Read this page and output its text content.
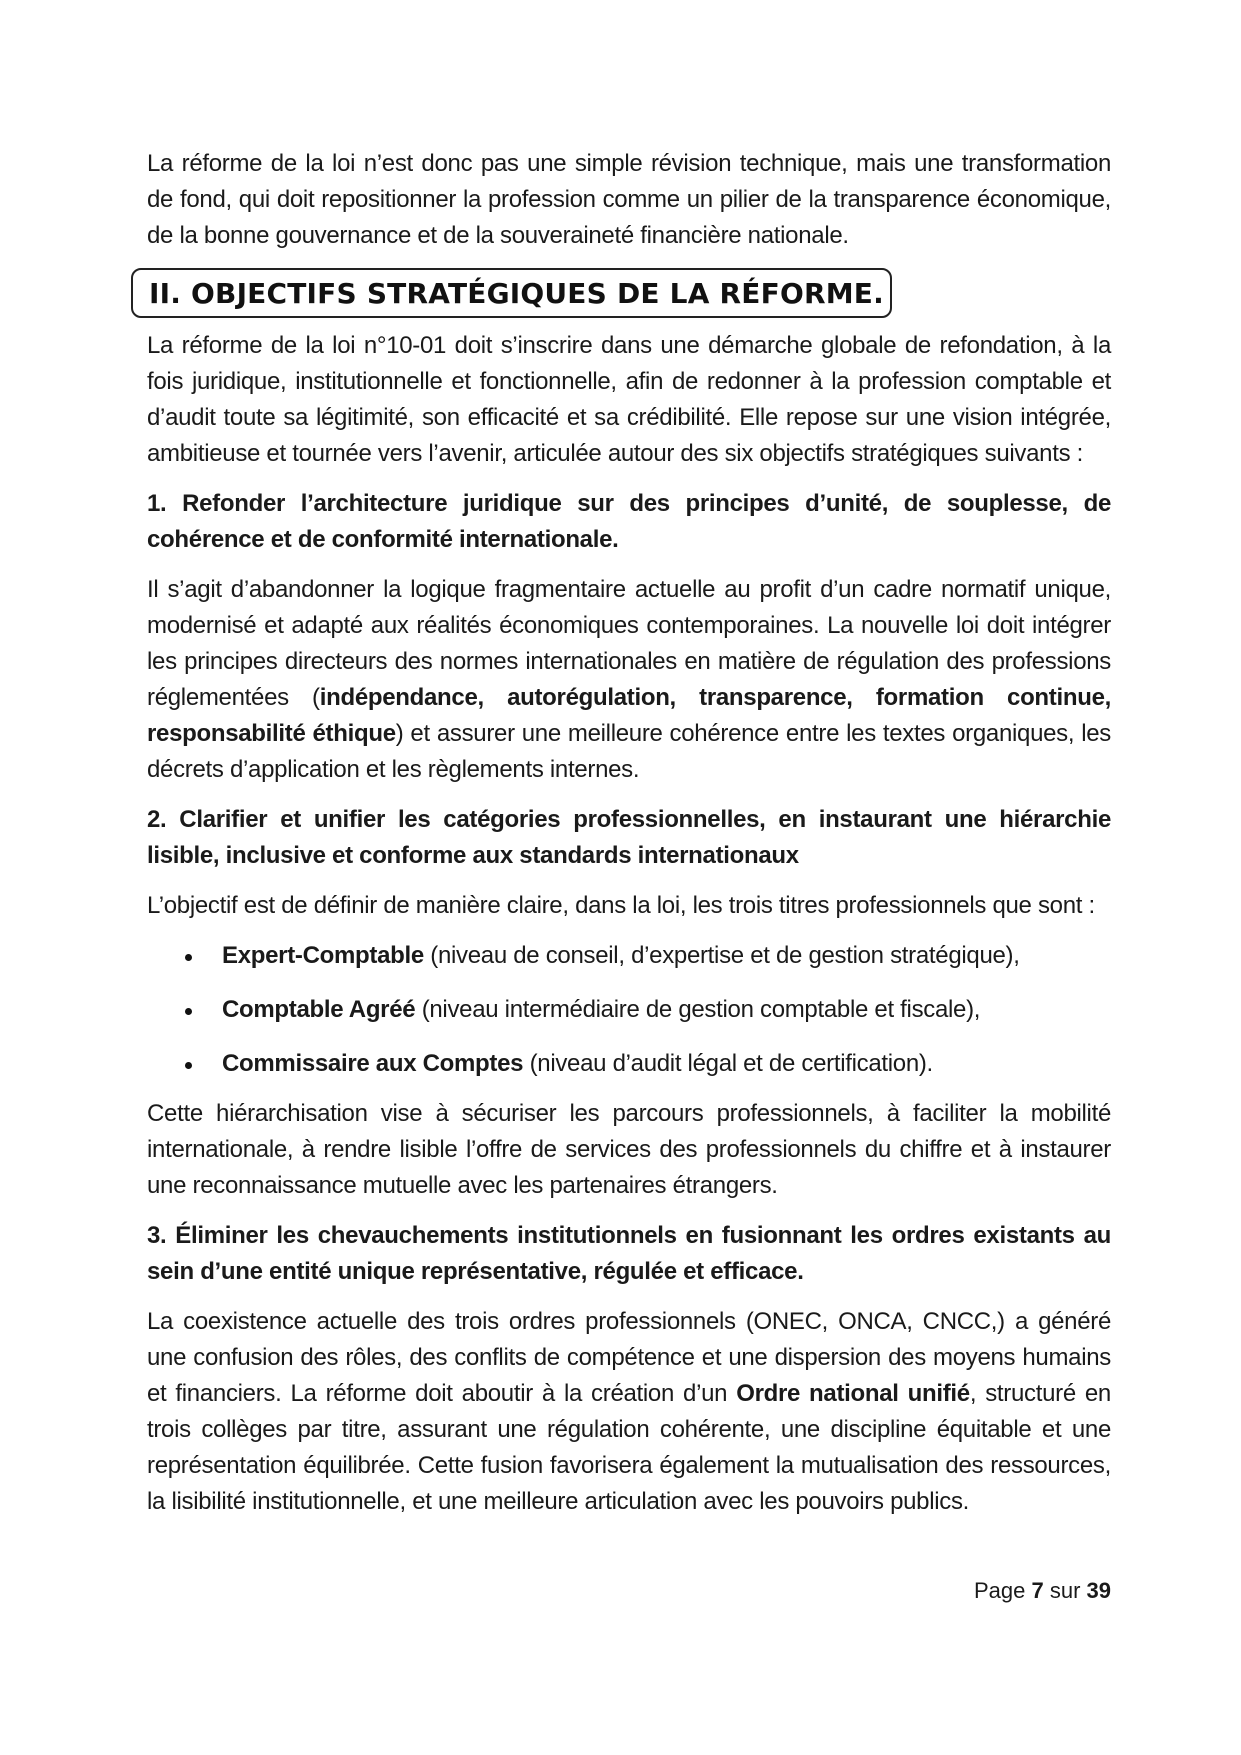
La réforme de la loi n’est donc pas une simple révision technique, mais une transformation de fond, qui doit repositionner la profession comme un pilier de la transparence économique, de la bonne gouvernance et de la souveraineté financière nationale.

II. OBJECTIFS STRATÉGIQUES DE LA RÉFORME.

La réforme de la loi n°10-01 doit s’inscrire dans une démarche globale de refondation, à la fois juridique, institutionnelle et fonctionnelle, afin de redonner à la profession comptable et d’audit toute sa légitimité, son efficacité et sa crédibilité. Elle repose sur une vision intégrée, ambitieuse et tournée vers l’avenir, articulée autour des six objectifs stratégiques suivants :

1. Refonder l’architecture juridique sur des principes d’unité, de souplesse, de cohérence et de conformité internationale.

Il s’agit d’abandonner la logique fragmentaire actuelle au profit d’un cadre normatif unique, modernisé et adapté aux réalités économiques contemporaines. La nouvelle loi doit intégrer les principes directeurs des normes internationales en matière de régulation des professions réglementées (indépendance, autorégulation, transparence, formation continue, responsabilité éthique) et assurer une meilleure cohérence entre les textes organiques, les décrets d’application et les règlements internes.

2. Clarifier et unifier les catégories professionnelles, en instaurant une hiérarchie lisible, inclusive et conforme aux standards internationaux

L’objectif est de définir de manière claire, dans la loi, les trois titres professionnels que sont :

Expert-Comptable (niveau de conseil, d’expertise et de gestion stratégique),
Comptable Agréé (niveau intermédiaire de gestion comptable et fiscale),
Commissaire aux Comptes (niveau d’audit légal et de certification).

Cette hiérarchisation vise à sécuriser les parcours professionnels, à faciliter la mobilité internationale, à rendre lisible l’offre de services des professionnels du chiffre et à instaurer une reconnaissance mutuelle avec les partenaires étrangers.

3. Éliminer les chevauchements institutionnels en fusionnant les ordres existants au sein d’une entité unique représentative, régulée et efficace.

La coexistence actuelle des trois ordres professionnels (ONEC, ONCA, CNCC,) a généré une confusion des rôles, des conflits de compétence et une dispersion des moyens humains et financiers. La réforme doit aboutir à la création d’un Ordre national unifié, structuré en trois collèges par titre, assurant une régulation cohérente, une discipline équitable et une représentation équilibrée. Cette fusion favorisera également la mutualisation des ressources, la lisibilité institutionnelle, et une meilleure articulation avec les pouvoirs publics.

Page 7 sur 39
